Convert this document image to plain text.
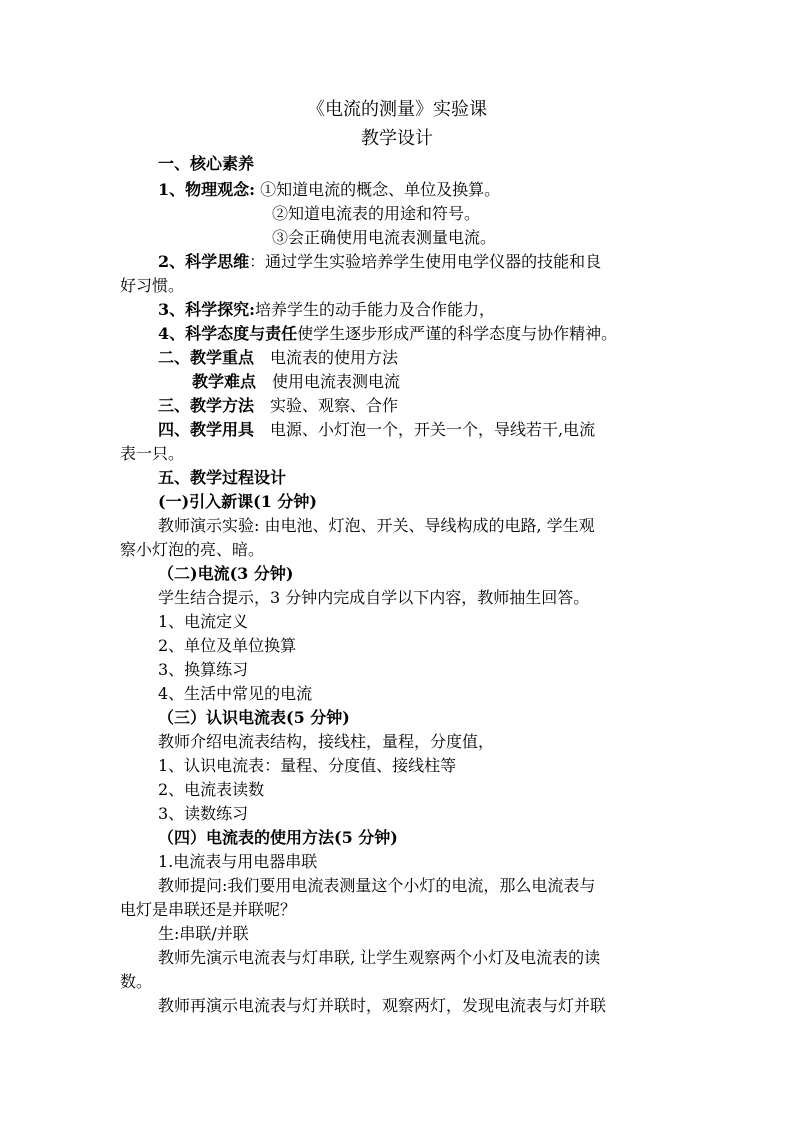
《电流的测量》实验课
教学设计
一、核心素养
1、物理观念: ①知道电流的概念、单位及换算。
②知道电流表的用途和符号。
③会正确使用电流表测量电流。
2、科学思维：通过学生实验培养学生使用电学仪器的技能和良
好习惯。
3、科学探究:培养学生的动手能力及合作能力，
4、科学态度与责任使学生逐步形成严谨的科学态度与协作精神。
二、教学重点 电流表的使用方法
教学难点 使用电流表测电流
三、教学方法 实验、观察、合作
四、教学用具 电源、小灯泡一个，开关一个，导线若干,电流
表一只。
五、教学过程设计
(一)引入新课(1 分钟)
教师演示实验: 由电池、灯泡、开关、导线构成的电路, 学生观
察小灯泡的亮、暗。
（二)电流(3 分钟)
学生结合提示，3 分钟内完成自学以下内容，教师抽生回答。
1、电流定义
2、单位及单位换算
3、换算练习
4、生活中常见的电流
（三）认识电流表(5 分钟)
教师介绍电流表结构，接线柱，量程，分度值，
1、认识电流表：量程、分度值、接线柱等
2、电流表读数
3、读数练习
（四）电流表的使用方法(5 分钟)
1.电流表与用电器串联
教师提问:我们要用电流表测量这个小灯的电流，那么电流表与
电灯是串联还是并联呢？
生:串联/并联
教师先演示电流表与灯串联, 让学生观察两个小灯及电流表的读
数。
教师再演示电流表与灯并联时，观察两灯，发现电流表与灯并联
